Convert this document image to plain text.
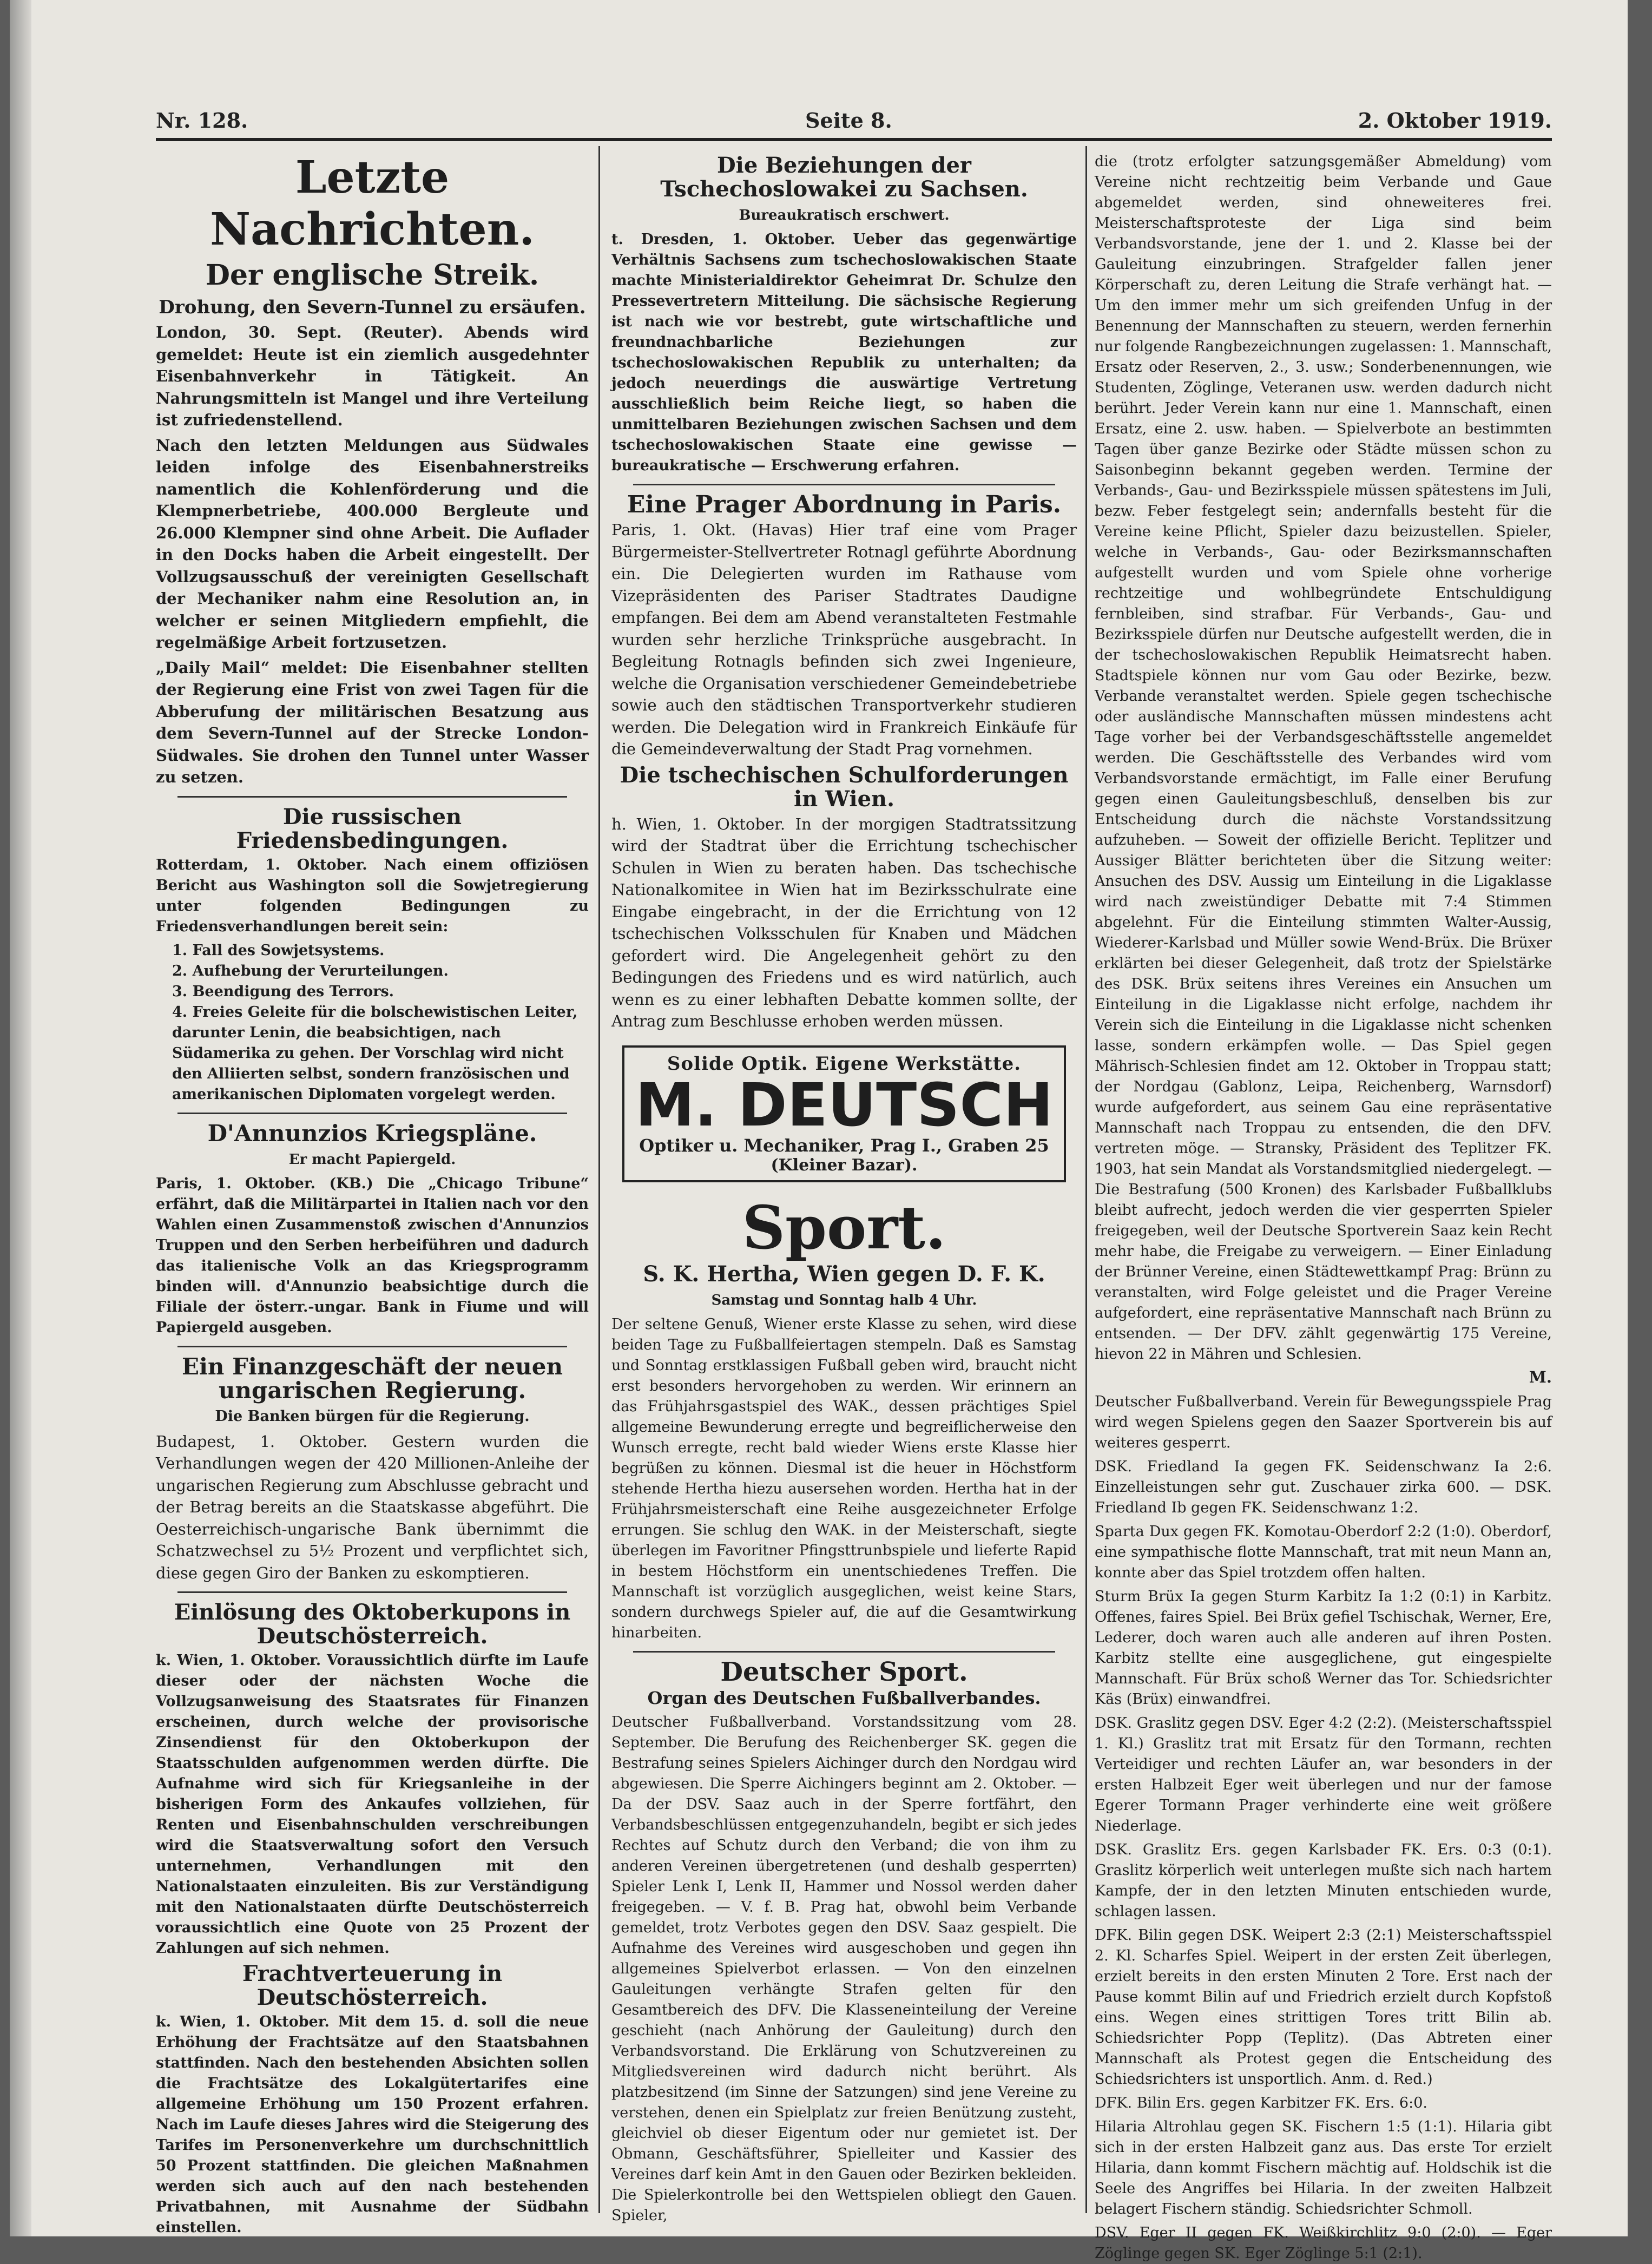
Nr. 128.	Seite 8.	2. Oktober 1919.
Letzte Nachrichten.
Der englische Streik.
Drohung, den Severn-Tunnel zu ersäufen.

London, 30. Sept. (Reuter). Abends wird gemeldet: Heute ist ein ziemlich ausgedehnter Eisenbahnverkehr in Tätigkeit. An Nahrungsmitteln ist Mangel und ihre Verteilung ist zufriedenstellend.

Nach den letzten Meldungen aus Südwales leiden infolge des Eisenbahnerstreiks namentlich die Kohlenförderung und die Klempnerbetriebe, 400.000 Bergleute und 26.000 Klempner sind ohne Arbeit. Die Auflader in den Docks haben die Arbeit eingestellt. Der Vollzugsausschuß der vereinigten Gesellschaft der Mechaniker nahm eine Resolution an, in welcher er seinen Mitgliedern empfiehlt, die regelmäßige Arbeit fortzusetzen.

„Daily Mail“ meldet: Die Eisenbahner stellten der Regierung eine Frist von zwei Tagen für die Abberufung der militärischen Besatzung aus dem Severn-Tunnel auf der Strecke London-Südwales. Sie drohen den Tunnel unter Wasser zu setzen.

Die russischen Friedensbedingungen.

Rotterdam, 1. Oktober. Nach einem offiziösen Bericht aus Washington soll die Sowjetregierung unter folgenden Bedingungen zu Friedensverhandlungen bereit sein:

1. Fall des Sowjetsystems.
2. Aufhebung der Verurteilungen.
3. Beendigung des Terrors.
4. Freies Geleite für die bolschewistischen Leiter, darunter Lenin, die beabsichtigen, nach Südamerika zu gehen. Der Vorschlag wird nicht den Alliierten selbst, sondern französischen und amerikanischen Diplomaten vorgelegt werden.
D'Annunzios Kriegspläne.
Er macht Papiergeld.

Paris, 1. Oktober. (KB.) Die „Chicago Tribune“ erfährt, daß die Militärpartei in Italien nach vor den Wahlen einen Zusammenstoß zwischen d'Annunzios Truppen und den Serben herbeiführen und dadurch das italienische Volk an das Kriegsprogramm binden will. d'Annunzio beabsichtige durch die Filiale der österr.-ungar. Bank in Fiume und will Papiergeld ausgeben.

Ein Finanzgeschäft der neuen ungarischen Regierung.
Die Banken bürgen für die Regierung.

Budapest, 1. Oktober. Gestern wurden die Verhandlungen wegen der 420 Millionen-Anleihe der ungarischen Regierung zum Abschlusse gebracht und der Betrag bereits an die Staatskasse abgeführt. Die Oesterreichisch-ungarische Bank übernimmt die Schatzwechsel zu 5½ Prozent und verpflichtet sich, diese gegen Giro der Banken zu eskomptieren.

Einlösung des Oktoberkupons in Deutschösterreich.

k. Wien, 1. Oktober. Voraussichtlich dürfte im Laufe dieser oder der nächsten Woche die Vollzugsanweisung des Staatsrates für Finanzen erscheinen, durch welche der provisorische Zinsendienst für den Oktoberkupon der Staatsschulden aufgenommen werden dürfte. Die Aufnahme wird sich für Kriegsanleihe in der bisherigen Form des Ankaufes vollziehen, für Renten und Eisenbahnschulden verschreibungen wird die Staatsverwaltung sofort den Versuch unternehmen, Verhandlungen mit den Nationalstaaten einzuleiten. Bis zur Verständigung mit den Nationalstaaten dürfte Deutschösterreich voraussichtlich eine Quote von 25 Prozent der Zahlungen auf sich nehmen.

Frachtverteuerung in Deutschösterreich.

k. Wien, 1. Oktober. Mit dem 15. d. soll die neue Erhöhung der Frachtsätze auf den Staatsbahnen stattfinden. Nach den bestehenden Absichten sollen die Frachtsätze des Lokalgütertarifes eine allgemeine Erhöhung um 150 Prozent erfahren. Nach im Laufe dieses Jahres wird die Steigerung des Tarifes im Personenverkehre um durchschnittlich 50 Prozent stattfinden. Die gleichen Maßnahmen werden sich auch auf den nach bestehenden Privatbahnen, mit Ausnahme der Südbahn einstellen.

Die Beziehungen der Tschechoslowakei zu Sachsen.
Bureaukratisch erschwert.

t. Dresden, 1. Oktober. Ueber das gegenwärtige Verhältnis Sachsens zum tschechoslowakischen Staate machte Ministerialdirektor Geheimrat Dr. Schulze den Pressevertretern Mitteilung. Die sächsische Regierung ist nach wie vor bestrebt, gute wirtschaftliche und freundnachbarliche Beziehungen zur tschechoslowakischen Republik zu unterhalten; da jedoch neuerdings die auswärtige Vertretung ausschließlich beim Reiche liegt, so haben die unmittelbaren Beziehungen zwischen Sachsen und dem tschechoslowakischen Staate eine gewisse — bureaukratische — Erschwerung erfahren.

Eine Prager Abordnung in Paris.

Paris, 1. Okt. (Havas) Hier traf eine vom Prager Bürgermeister-Stellvertreter Rotnagl geführte Abordnung ein. Die Delegierten wurden im Rathause vom Vizepräsidenten des Pariser Stadtrates Daudigne empfangen. Bei dem am Abend veranstalteten Festmahle wurden sehr herzliche Trinksprüche ausgebracht. In Begleitung Rotnagls befinden sich zwei Ingenieure, welche die Organisation verschiedener Gemeindebetriebe sowie auch den städtischen Transportverkehr studieren werden. Die Delegation wird in Frankreich Einkäufe für die Gemeindeverwaltung der Stadt Prag vornehmen.

Die tschechischen Schulforderungen in Wien.

h. Wien, 1. Oktober. In der morgigen Stadtratssitzung wird der Stadtrat über die Errichtung tschechischer Schulen in Wien zu beraten haben. Das tschechische Nationalkomitee in Wien hat im Bezirksschulrate eine Eingabe eingebracht, in der die Errichtung von 12 tschechischen Volksschulen für Knaben und Mädchen gefordert wird. Die Angelegenheit gehört zu den Bedingungen des Friedens und es wird natürlich, auch wenn es zu einer lebhaften Debatte kommen sollte, der Antrag zum Beschlusse erhoben werden müssen.

Solide Optik. Eigene Werkstätte.
M. DEUTSCH
Optiker u. Mechaniker, Prag I., Graben 25
(Kleiner Bazar).
Sport.
S. K. Hertha, Wien gegen D. F. K.
Samstag und Sonntag halb 4 Uhr.

Der seltene Genuß, Wiener erste Klasse zu sehen, wird diese beiden Tage zu Fußballfeiertagen stempeln. Daß es Samstag und Sonntag erstklassigen Fußball geben wird, braucht nicht erst besonders hervorgehoben zu werden. Wir erinnern an das Frühjahrsgastspiel des WAK., dessen prächtiges Spiel allgemeine Bewunderung erregte und begreiflicherweise den Wunsch erregte, recht bald wieder Wiens erste Klasse hier begrüßen zu können. Diesmal ist die heuer in Höchstform stehende Hertha hiezu ausersehen worden. Hertha hat in der Frühjahrsmeisterschaft eine Reihe ausgezeichneter Erfolge errungen. Sie schlug den WAK. in der Meisterschaft, siegte überlegen im Favoritner Pfingsttrunbspiele und lieferte Rapid in bestem Höchstform ein unentschiedenes Treffen. Die Mannschaft ist vorzüglich ausgeglichen, weist keine Stars, sondern durchwegs Spieler auf, die auf die Gesamtwirkung hinarbeiten.

Deutscher Sport.
Organ des Deutschen Fußballverbandes.

Deutscher Fußballverband. Vorstandssitzung vom 28. September. Die Berufung des Reichenberger SK. gegen die Bestrafung seines Spielers Aichinger durch den Nordgau wird abgewiesen. Die Sperre Aichingers beginnt am 2. Oktober. — Da der DSV. Saaz auch in der Sperre fortfährt, den Verbandsbeschlüssen entgegenzuhandeln, begibt er sich jedes Rechtes auf Schutz durch den Verband; die von ihm zu anderen Vereinen übergetretenen (und deshalb gesperrten) Spieler Lenk I, Lenk II, Hammer und Nossol werden daher freigegeben. — V. f. B. Prag hat, obwohl beim Verbande gemeldet, trotz Verbotes gegen den DSV. Saaz gespielt. Die Aufnahme des Vereines wird ausgeschoben und gegen ihn allgemeines Spielverbot erlassen. — Von den einzelnen Gauleitungen verhängte Strafen gelten für den Gesamtbereich des DFV. Die Klasseneinteilung der Vereine geschieht (nach Anhörung der Gauleitung) durch den Verbandsvorstand. Die Erklärung von Schutzvereinen zu Mitgliedsvereinen wird dadurch nicht berührt. Als platzbesitzend (im Sinne der Satzungen) sind jene Vereine zu verstehen, denen ein Spielplatz zur freien Benützung zusteht, gleichviel ob dieser Eigentum oder nur gemietet ist. Der Obmann, Geschäftsführer, Spielleiter und Kassier des Vereines darf kein Amt in den Gauen oder Bezirken bekleiden. Die Spielerkontrolle bei den Wettspielen obliegt den Gauen. Spieler,

die (trotz erfolgter satzungsgemäßer Abmeldung) vom Vereine nicht rechtzeitig beim Verbande und Gaue abgemeldet werden, sind ohneweiteres frei. Meisterschaftsproteste der Liga sind beim Verbandsvorstande, jene der 1. und 2. Klasse bei der Gauleitung einzubringen. Strafgelder fallen jener Körperschaft zu, deren Leitung die Strafe verhängt hat. — Um den immer mehr um sich greifenden Unfug in der Benennung der Mannschaften zu steuern, werden fernerhin nur folgende Rangbezeichnungen zugelassen: 1. Mannschaft, Ersatz oder Reserven, 2., 3. usw.; Sonderbenennungen, wie Studenten, Zöglinge, Veteranen usw. werden dadurch nicht berührt. Jeder Verein kann nur eine 1. Mannschaft, einen Ersatz, eine 2. usw. haben. — Spielverbote an bestimmten Tagen über ganze Bezirke oder Städte müssen schon zu Saisonbeginn bekannt gegeben werden. Termine der Verbands-, Gau- und Bezirksspiele müssen spätestens im Juli, bezw. Feber festgelegt sein; andernfalls besteht für die Vereine keine Pflicht, Spieler dazu beizustellen. Spieler, welche in Verbands-, Gau- oder Bezirksmannschaften aufgestellt wurden und vom Spiele ohne vorherige rechtzeitige und wohlbegründete Entschuldigung fernbleiben, sind strafbar. Für Verbands-, Gau- und Bezirksspiele dürfen nur Deutsche aufgestellt werden, die in der tschechoslowakischen Republik Heimatsrecht haben. Stadtspiele können nur vom Gau oder Bezirke, bezw. Verbande veranstaltet werden. Spiele gegen tschechische oder ausländische Mannschaften müssen mindestens acht Tage vorher bei der Verbandsgeschäftsstelle angemeldet werden. Die Geschäftsstelle des Verbandes wird vom Verbandsvorstande ermächtigt, im Falle einer Berufung gegen einen Gauleitungsbeschluß, denselben bis zur Entscheidung durch die nächste Vorstandssitzung aufzuheben. — Soweit der offizielle Bericht. Teplitzer und Aussiger Blätter berichteten über die Sitzung weiter: Ansuchen des DSV. Aussig um Einteilung in die Ligaklasse wird nach zweistündiger Debatte mit 7:4 Stimmen abgelehnt. Für die Einteilung stimmten Walter-Aussig, Wiederer-Karlsbad und Müller sowie Wend-Brüx. Die Brüxer erklärten bei dieser Gelegenheit, daß trotz der Spielstärke des DSK. Brüx seitens ihres Vereines ein Ansuchen um Einteilung in die Ligaklasse nicht erfolge, nachdem ihr Verein sich die Einteilung in die Ligaklasse nicht schenken lasse, sondern erkämpfen wolle. — Das Spiel gegen Mährisch-Schlesien findet am 12. Oktober in Troppau statt; der Nordgau (Gablonz, Leipa, Reichenberg, Warnsdorf) wurde aufgefordert, aus seinem Gau eine repräsentative Mannschaft nach Troppau zu entsenden, die den DFV. vertreten möge. — Stransky, Präsident des Teplitzer FK. 1903, hat sein Mandat als Vorstandsmitglied niedergelegt. — Die Bestrafung (500 Kronen) des Karlsbader Fußballklubs bleibt aufrecht, jedoch werden die vier gesperrten Spieler freigegeben, weil der Deutsche Sportverein Saaz kein Recht mehr habe, die Freigabe zu verweigern. — Einer Einladung der Brünner Vereine, einen Städtewettkampf Prag: Brünn zu veranstalten, wird Folge geleistet und die Prager Vereine aufgefordert, eine repräsentative Mannschaft nach Brünn zu entsenden. — Der DFV. zählt gegenwärtig 175 Vereine, hievon 22 in Mähren und Schlesien.

M.

Deutscher Fußballverband. Verein für Bewegungsspiele Prag wird wegen Spielens gegen den Saazer Sportverein bis auf weiteres gesperrt.

DSK. Friedland Ia gegen FK. Seidenschwanz Ia 2:6. Einzelleistungen sehr gut. Zuschauer zirka 600. — DSK. Friedland Ib gegen FK. Seidenschwanz 1:2.

Sparta Dux gegen FK. Komotau-Oberdorf 2:2 (1:0). Oberdorf, eine sympathische flotte Mannschaft, trat mit neun Mann an, konnte aber das Spiel trotzdem offen halten.

Sturm Brüx Ia gegen Sturm Karbitz Ia 1:2 (0:1) in Karbitz. Offenes, faires Spiel. Bei Brüx gefiel Tschischak, Werner, Ere, Lederer, doch waren auch alle anderen auf ihren Posten. Karbitz stellte eine ausgeglichene, gut eingespielte Mannschaft. Für Brüx schoß Werner das Tor. Schiedsrichter Käs (Brüx) einwandfrei.

DSK. Graslitz gegen DSV. Eger 4:2 (2:2). (Meisterschaftsspiel 1. Kl.) Graslitz trat mit Ersatz für den Tormann, rechten Verteidiger und rechten Läufer an, war besonders in der ersten Halbzeit Eger weit überlegen und nur der famose Egerer Tormann Prager verhinderte eine weit größere Niederlage.

DSK. Graslitz Ers. gegen Karlsbader FK. Ers. 0:3 (0:1). Graslitz körperlich weit unterlegen mußte sich nach hartem Kampfe, der in den letzten Minuten entschieden wurde, schlagen lassen.

DFK. Bilin gegen DSK. Weipert 2:3 (2:1) Meisterschaftsspiel 2. Kl. Scharfes Spiel. Weipert in der ersten Zeit überlegen, erzielt bereits in den ersten Minuten 2 Tore. Erst nach der Pause kommt Bilin auf und Friedrich erzielt durch Kopfstoß eins. Wegen eines strittigen Tores tritt Bilin ab. Schiedsrichter Popp (Teplitz). (Das Abtreten einer Mannschaft als Protest gegen die Entscheidung des Schiedsrichters ist unsportlich. Anm. d. Red.)

DFK. Bilin Ers. gegen Karbitzer FK. Ers. 6:0.

Hilaria Altrohlau gegen SK. Fischern 1:5 (1:1). Hilaria gibt sich in der ersten Halbzeit ganz aus. Das erste Tor erzielt Hilaria, dann kommt Fischern mächtig auf. Holdschik ist die Seele des Angriffes bei Hilaria. In der zweiten Halbzeit belagert Fischern ständig. Schiedsrichter Schmoll.

DSV. Eger II gegen FK. Weißkirchlitz 9:0 (2:0). — Eger Zöglinge gegen SK. Eger Zöglinge 5:1 (2:1).
